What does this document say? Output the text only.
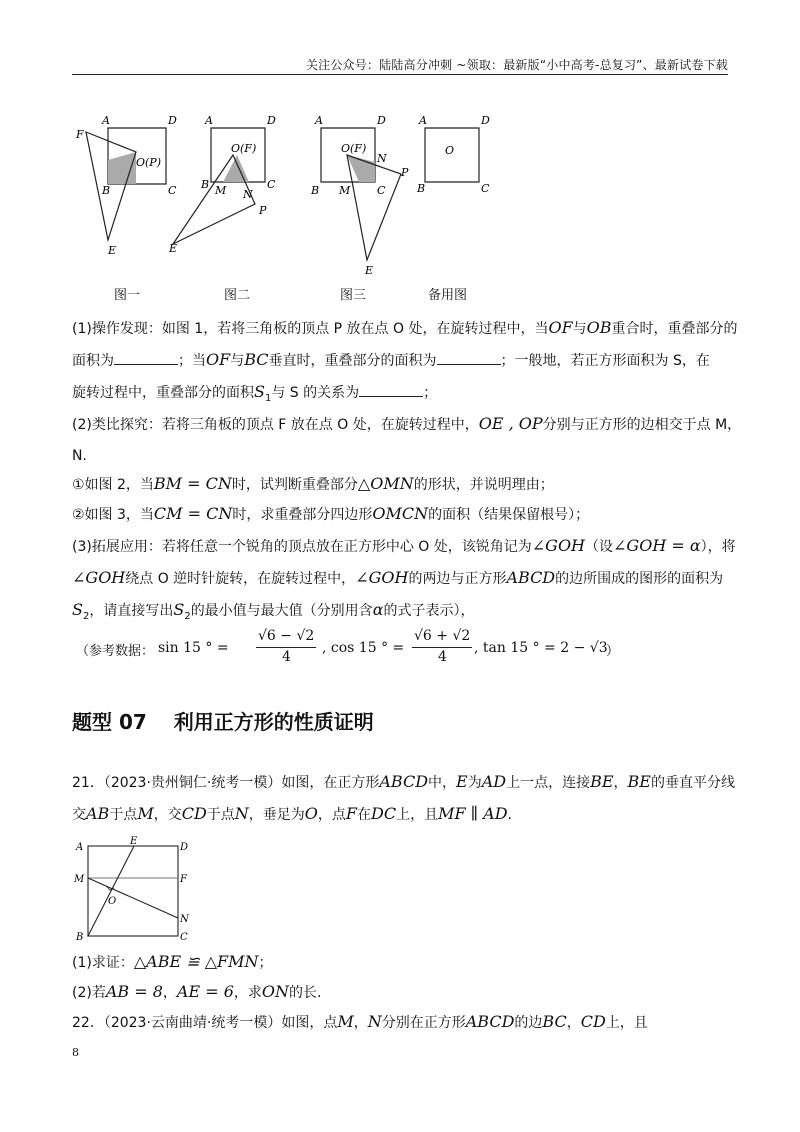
关注公众号：陆陆高分冲刺 ~领取：最新版“小中高考-总复习”、最新试卷下载
A	D
F
O(P)
B	C
E
A	D
O(F)
B M N
C
P
E
A	D
O(F)
N
P
B M C
E
A	D
O
B	C
图一	图二	图三	备用图
(1)操作发现：如图 1，若将三角板的顶点 P 放在点 O 处，在旋转过程中，当OF与OB重合时，重叠部分的
面积为	；当OF与BC垂直时，重叠部分的面积为	；一般地，若正方形面积为 S，在
旋转过程中，重叠部分的面积$S_1$与 S 的关系为	；
(2)类比探究：若将三角板的顶点 F 放在点 O 处，在旋转过程中，OE , OP分别与正方形的边相交于点 M，
N.
①如图 2，当BM = CN时，试判断重叠部分△OMN的形状，并说明理由；
②如图 3，当CM = CN时，求重叠部分四边形OMCN的面积（结果保留根号）；
(3)拓展应用：若将任意一个锐角的顶点放在正方形中心 O 处，该锐角记为∠GOH（设∠GOH = α），将
∠GOH绕点 O 逆时针旋转，在旋转过程中，∠GOH的两边与正方形ABCD的边所围成的图形的面积为
$S_2$，请直接写出$S_2$的最小值与最大值（分别用含α的式子表示），
（参考数据： sin 15 ° =
√6 − √2
4
, cos 15 ° =
√6 + √2
4
, tan 15 ° = 2 − √3
）
题型 07　 利用正方形的性质证明
21．（2023·贵州铜仁·统考一模）如图，在正方形ABCD中，E为AD上一点，连接BE，BE的垂直平分线
交AB于点M，交CD于点N，垂足为O，点F在DC上，且MF ∥ AD.
A
E
D
M	F
O
N
B	C
(1)求证：△ABE ≌ △FMN；
(2)若AB = 8，AE = 6，求ON的长.
22．（2023·云南曲靖·统考一模）如图，点M，N分别在正方形ABCD的边BC，CD上，且
8
